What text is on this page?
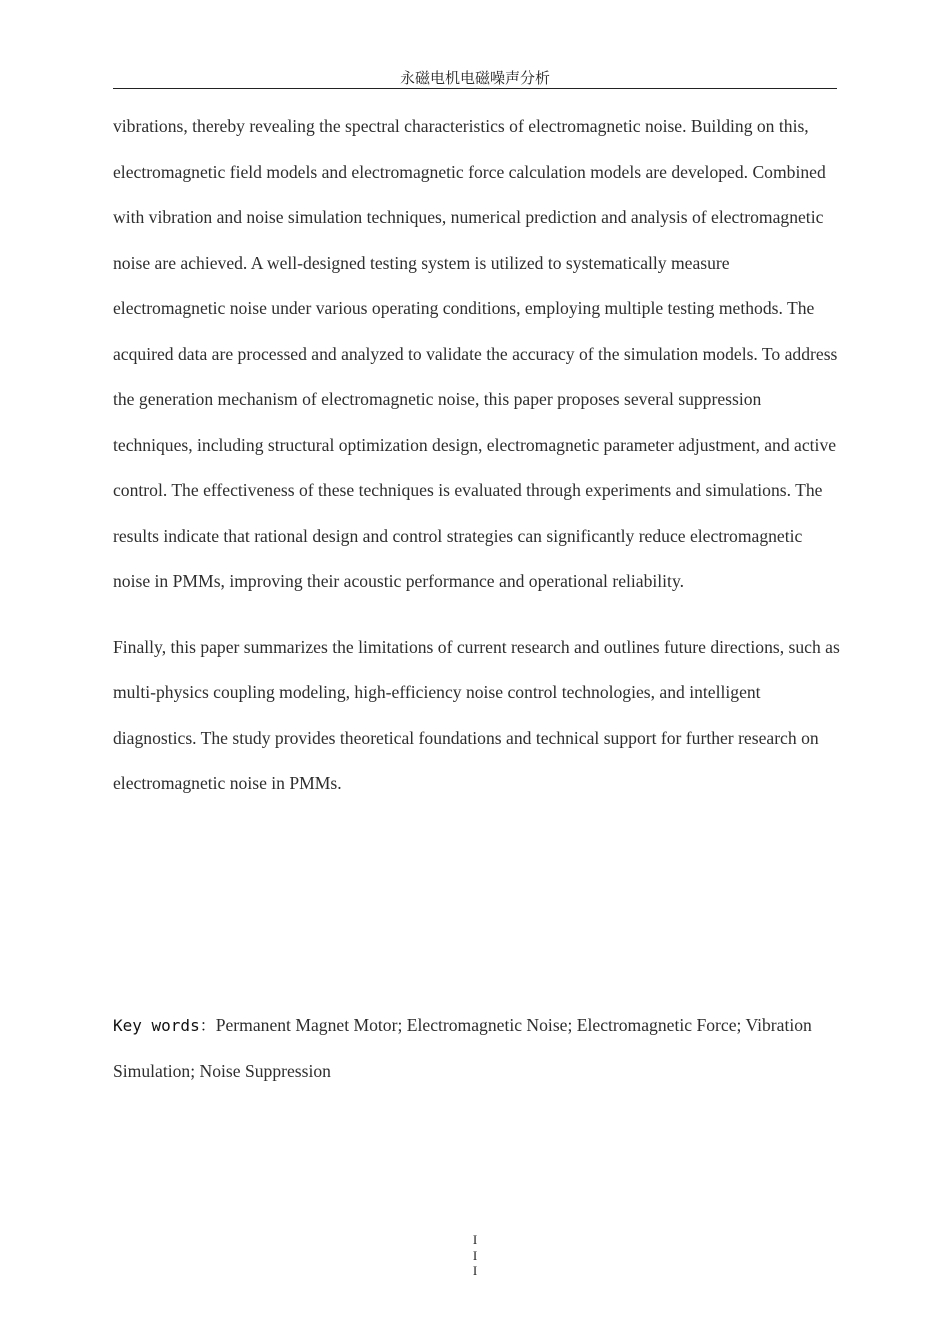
永磁电机电磁噪声分析

vibrations, thereby revealing the spectral characteristics of electromagnetic noise. Building on this, electromagnetic field models and electromagnetic force calculation models are developed. Combined with vibration and noise simulation techniques, numerical prediction and analysis of electromagnetic noise are achieved. A well-designed testing system is utilized to systematically measure electromagnetic noise under various operating conditions, employing multiple testing methods. The acquired data are processed and analyzed to validate the accuracy of the simulation models. To address the generation mechanism of electromagnetic noise, this paper proposes several suppression techniques, including structural optimization design, electromagnetic parameter adjustment, and active control. The effectiveness of these techniques is evaluated through experiments and simulations. The results indicate that rational design and control strategies can significantly reduce electromagnetic noise in PMMs, improving their acoustic performance and operational reliability.

Finally, this paper summarizes the limitations of current research and outlines future directions, such as multi-physics coupling modeling, high-efficiency noise control technologies, and intelligent diagnostics. The study provides theoretical foundations and technical support for further research on electromagnetic noise in PMMs.

Key words：Permanent Magnet Motor; Electromagnetic Noise; Electromagnetic Force; Vibration Simulation; Noise Suppression
I
I
I
